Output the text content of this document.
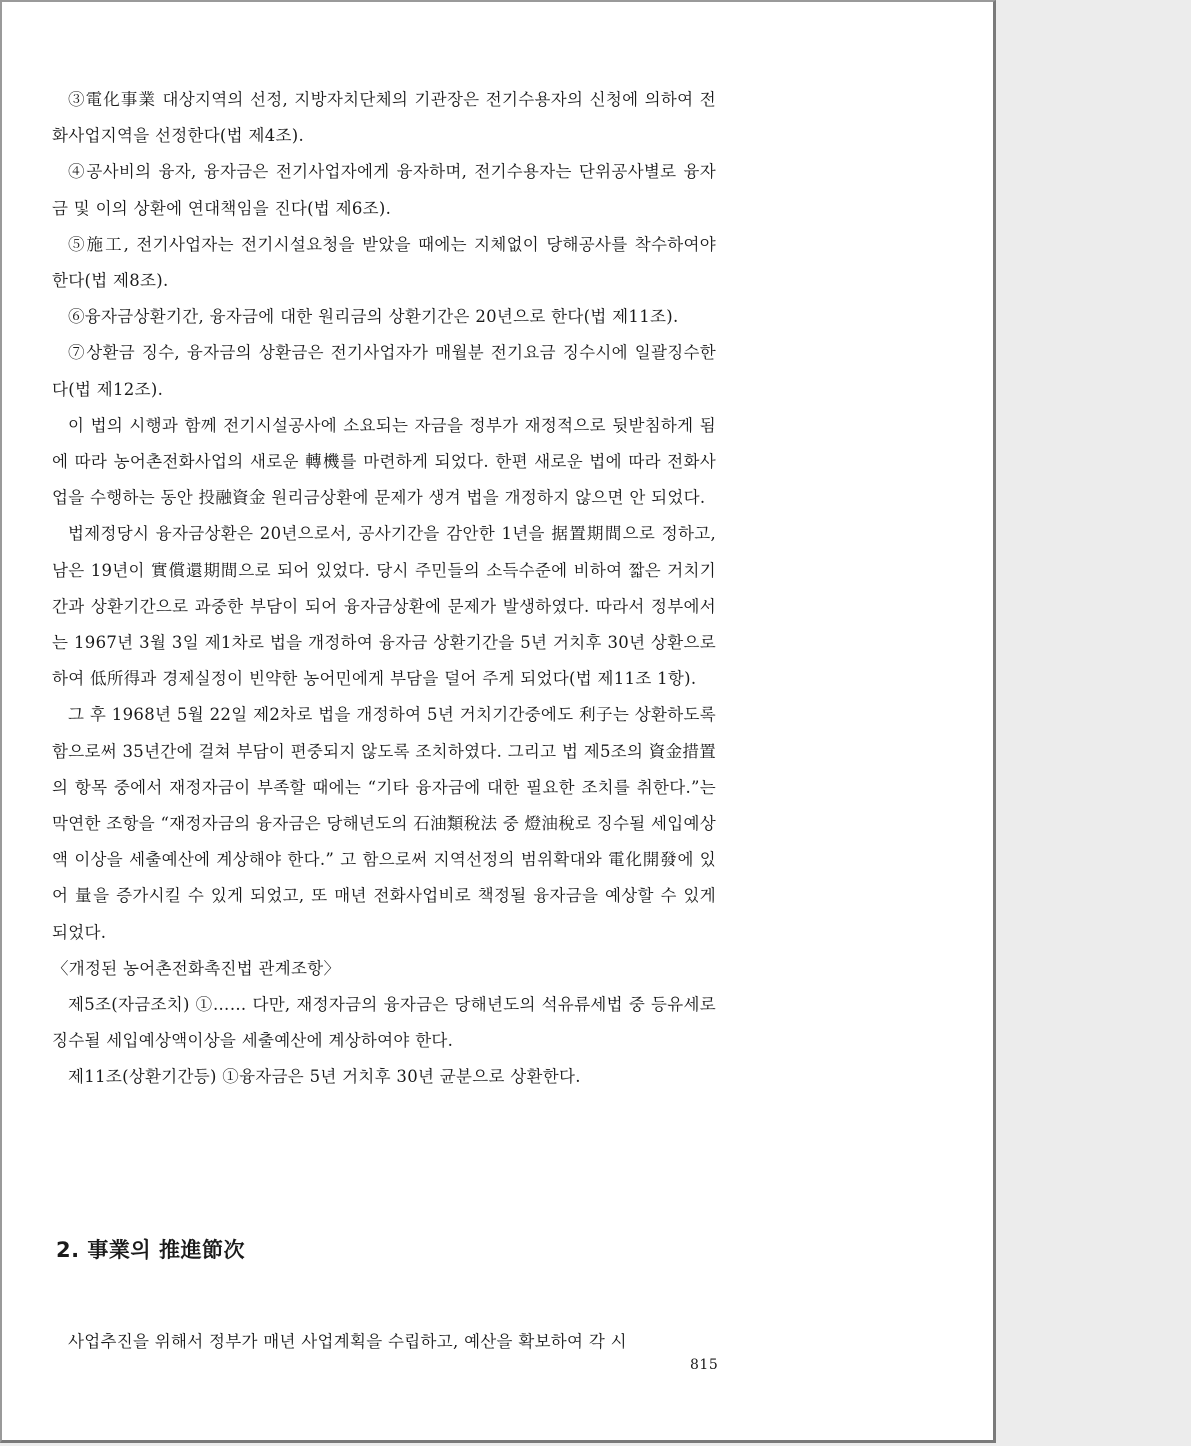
③電化事業 대상지역의 선정, 지방자치단체의 기관장은 전기수용자의 신청에 의하여 전화사업지역을 선정한다(법 제4조).

④공사비의 융자, 융자금은 전기사업자에게 융자하며, 전기수용자는 단위공사별로 융자금 및 이의 상환에 연대책임을 진다(법 제6조).

⑤施工, 전기사업자는 전기시설요청을 받았을 때에는 지체없이 당해공사를 착수하여야 한다(법 제8조).

⑥융자금상환기간, 융자금에 대한 원리금의 상환기간은 20년으로 한다(법 제11조).

⑦상환금 징수, 융자금의 상환금은 전기사업자가 매월분 전기요금 징수시에 일괄징수한다(법 제12조).

이 법의 시행과 함께 전기시설공사에 소요되는 자금을 정부가 재정적으로 뒷받침하게 됨에 따라 농어촌전화사업의 새로운 轉機를 마련하게 되었다. 한편 새로운 법에 따라 전화사업을 수행하는 동안 投融資金 원리금상환에 문제가 생겨 법을 개정하지 않으면 안 되었다.

법제정당시 융자금상환은 20년으로서, 공사기간을 감안한 1년을 据置期間으로 정하고, 남은 19년이 實償還期間으로 되어 있었다. 당시 주민들의 소득수준에 비하여 짧은 거치기간과 상환기간으로 과중한 부담이 되어 융자금상환에 문제가 발생하였다. 따라서 정부에서는 1967년 3월 3일 제1차로 법을 개정하여 융자금 상환기간을 5년 거치후 30년 상환으로 하여 低所得과 경제실정이 빈약한 농어민에게 부담을 덜어 주게 되었다(법 제11조 1항).

그 후 1968년 5월 22일 제2차로 법을 개정하여 5년 거치기간중에도 利子는 상환하도록 함으로써 35년간에 걸쳐 부담이 편중되지 않도록 조치하였다. 그리고 법 제5조의 資金措置의 항목 중에서 재정자금이 부족할 때에는 “기타 융자금에 대한 필요한 조치를 취한다.”는 막연한 조항을 “재정자금의 융자금은 당해년도의 石油類稅法 중 燈油稅로 징수될 세입예상액 이상을 세출예산에 계상해야 한다.” 고 함으로써 지역선정의 범위확대와 電化開發에 있어 量을 증가시킬 수 있게 되었고, 또 매년 전화사업비로 책정될 융자금을 예상할 수 있게 되었다.

〈개정된 농어촌전화촉진법 관계조항〉

제5조(자금조치) ①…… 다만, 재정자금의 융자금은 당해년도의 석유류세법 중 등유세로 징수될 세입예상액이상을 세출예산에 계상하여야 한다.

제11조(상환기간등) ①융자금은 5년 거치후 30년 균분으로 상환한다.

2. 事業의 推進節次

사업추진을 위해서 정부가 매년 사업계획을 수립하고, 예산을 확보하여 각 시

815
